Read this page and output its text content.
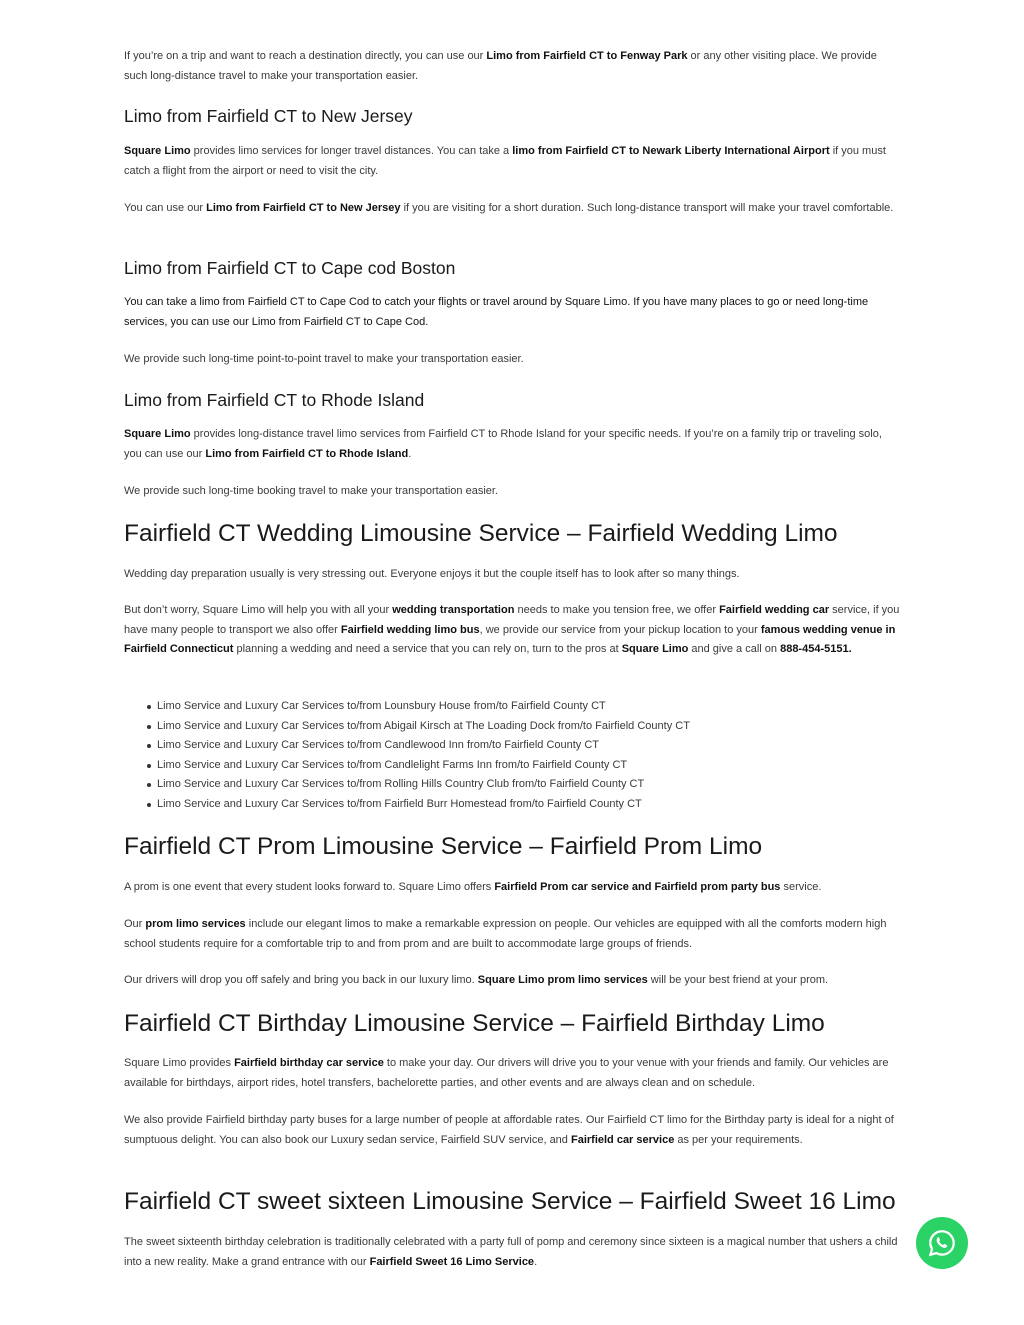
If you’re on a trip and want to reach a destination directly, you can use our Limo from Fairfield CT to Fenway Park or any other visiting place. We provide such long-distance travel to make your transportation easier.

Limo from Fairfield CT to New Jersey

Square Limo provides limo services for longer travel distances. You can take a limo from Fairfield CT to Newark Liberty International Airport if you must catch a flight from the airport or need to visit the city.

You can use our Limo from Fairfield CT to New Jersey if you are visiting for a short duration. Such long-distance transport will make your travel comfortable.

Limo from Fairfield CT to Cape cod Boston

You can take a limo from Fairfield CT to Cape Cod to catch your flights or travel around by Square Limo. If you have many places to go or need long-time services, you can use our Limo from Fairfield CT to Cape Cod.

We provide such long-time point-to-point travel to make your transportation easier.

Limo from Fairfield CT to Rhode Island

Square Limo provides long-distance travel limo services from Fairfield CT to Rhode Island for your specific needs. If you’re on a family trip or traveling solo, you can use our Limo from Fairfield CT to Rhode Island.

We provide such long-time booking travel to make your transportation easier.

Fairfield CT Wedding Limousine Service – Fairfield Wedding Limo

Wedding day preparation usually is very stressing out. Everyone enjoys it but the couple itself has to look after so many things.

But don’t worry, Square Limo will help you with all your wedding transportation needs to make you tension free, we offer Fairfield wedding car service, if you have many people to transport we also offer Fairfield wedding limo bus, we provide our service from your pickup location to your famous wedding venue in Fairfield Connecticut planning a wedding and need a service that you can rely on, turn to the pros at Square Limo and give a call on 888-454-5151.

Limo Service and Luxury Car Services to/from Lounsbury House from/to Fairfield County CT
Limo Service and Luxury Car Services to/from Abigail Kirsch at The Loading Dock from/to Fairfield County CT
Limo Service and Luxury Car Services to/from Candlewood Inn from/to Fairfield County CT
Limo Service and Luxury Car Services to/from Candlelight Farms Inn from/to Fairfield County CT
Limo Service and Luxury Car Services to/from Rolling Hills Country Club from/to Fairfield County CT
Limo Service and Luxury Car Services to/from Fairfield Burr Homestead from/to Fairfield County CT
Fairfield CT Prom Limousine Service – Fairfield Prom Limo

A prom is one event that every student looks forward to. Square Limo offers Fairfield Prom car service and Fairfield prom party bus service.

Our prom limo services include our elegant limos to make a remarkable expression on people. Our vehicles are equipped with all the comforts modern high school students require for a comfortable trip to and from prom and are built to accommodate large groups of friends.

Our drivers will drop you off safely and bring you back in our luxury limo. Square Limo prom limo services will be your best friend at your prom.

Fairfield CT Birthday Limousine Service – Fairfield Birthday Limo

Square Limo provides Fairfield birthday car service to make your day. Our drivers will drive you to your venue with your friends and family. Our vehicles are available for birthdays, airport rides, hotel transfers, bachelorette parties, and other events and are always clean and on schedule.

We also provide Fairfield birthday party buses for a large number of people at affordable rates. Our Fairfield CT limo for the Birthday party is ideal for a night of sumptuous delight. You can also book our Luxury sedan service, Fairfield SUV service, and Fairfield car service as per your requirements.

Fairfield CT sweet sixteen Limousine Service – Fairfield Sweet 16 Limo

The sweet sixteenth birthday celebration is traditionally celebrated with a party full of pomp and ceremony since sixteen is a magical number that ushers a child into a new reality. Make a grand entrance with our Fairfield Sweet 16 Limo Service.
